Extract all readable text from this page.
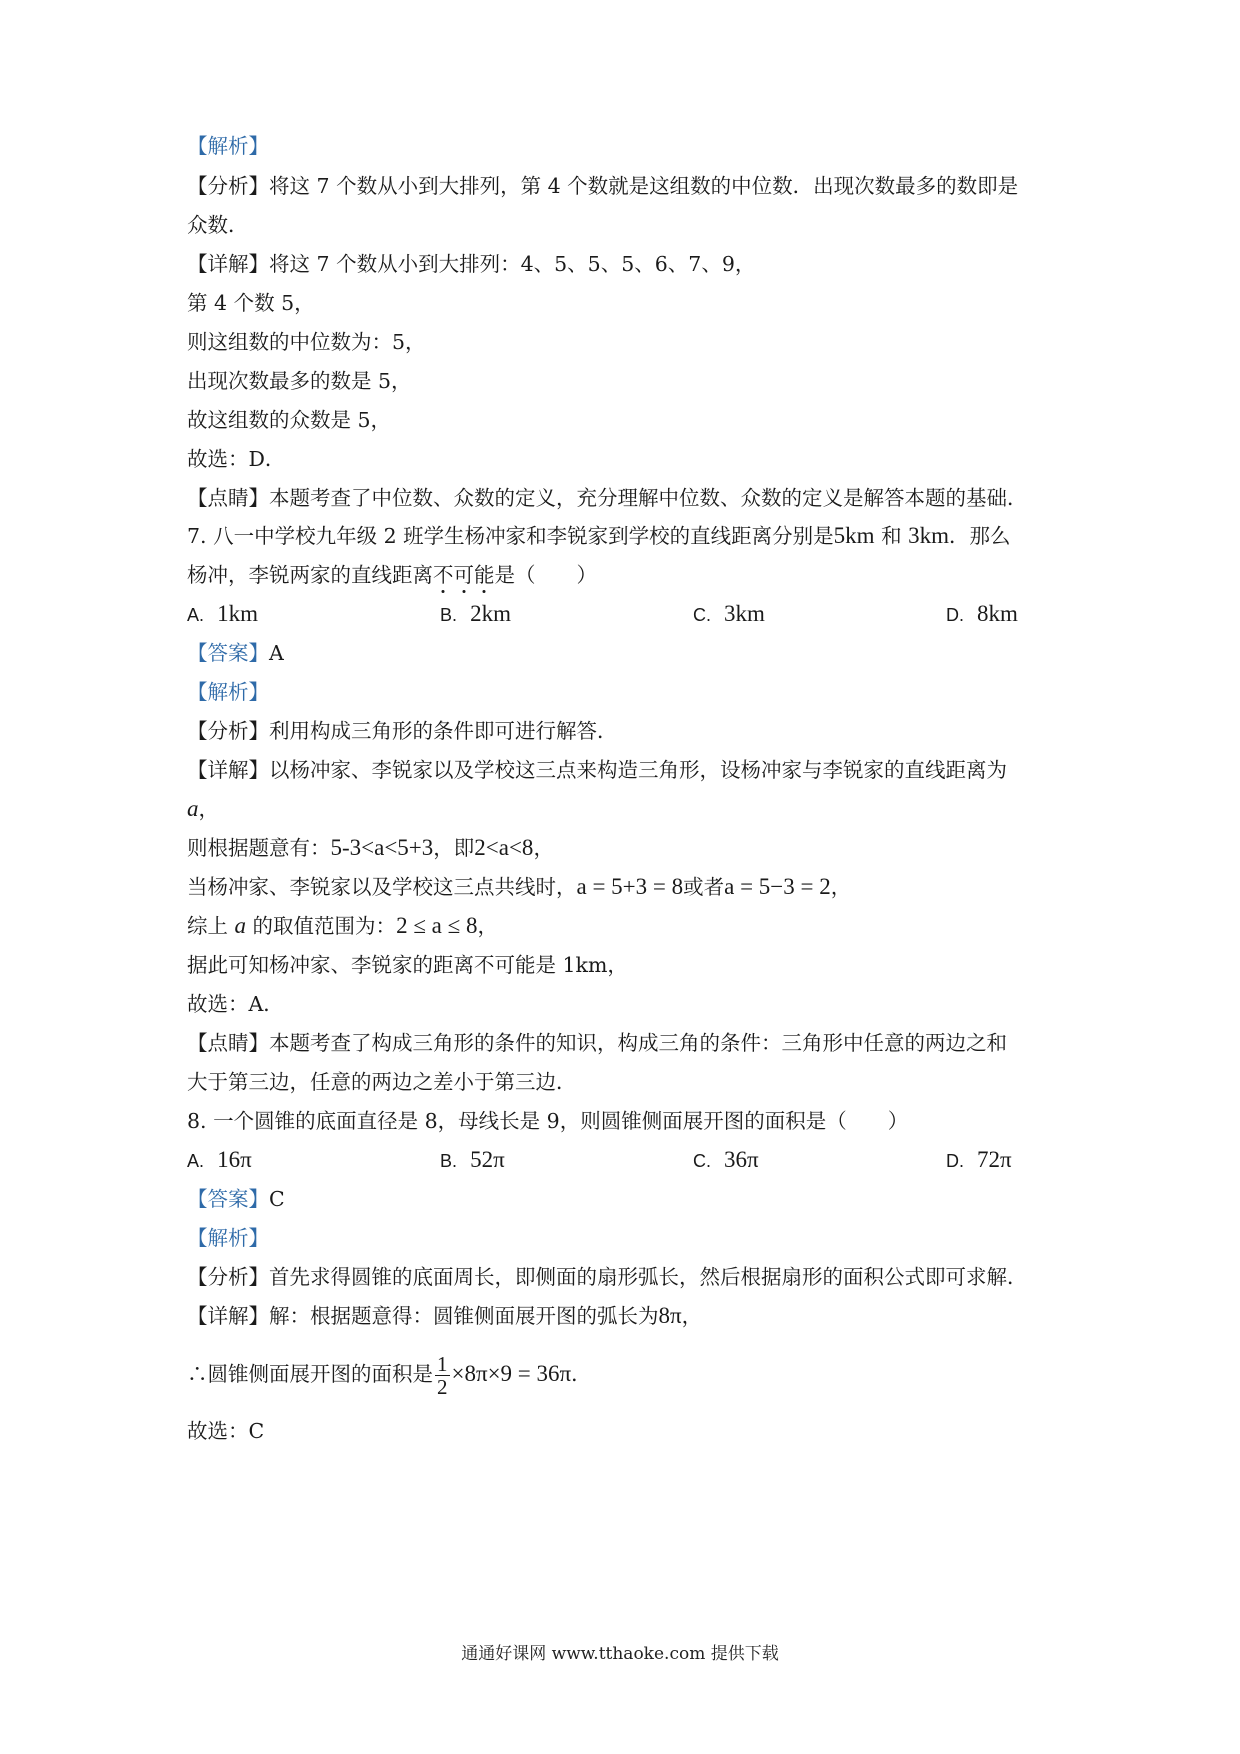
【解析】
【分析】将这 7 个数从小到大排列，第 4 个数就是这组数的中位数．出现次数最多的数即是
众数．
【详解】将这 7 个数从小到大排列：4、5、5、5、6、7、9，
第 4 个数 5，
则这组数的中位数为：5，
出现次数最多的数是 5，
故这组数的众数是 5，
故选：D．
【点睛】本题考查了中位数、众数的定义，充分理解中位数、众数的定义是解答本题的基础．
7. 八一中学校九年级 2 班学生杨冲家和李锐家到学校的直线距离分别是5km 和 3km．那么
杨冲，李锐两家的直线距离不可能是（　　）
A. 1km	B. 2km	C. 3km	D. 8km
【答案】A
【解析】
【分析】利用构成三角形的条件即可进行解答．
【详解】以杨冲家、李锐家以及学校这三点来构造三角形，设杨冲家与李锐家的直线距离为
a，
则根据题意有：5-3<a<5+3，即2<a<8，
当杨冲家、李锐家以及学校这三点共线时，a = 5+3 = 8或者a = 5−3 = 2，
综上 a 的取值范围为：2 ≤ a ≤ 8，
据此可知杨冲家、李锐家的距离不可能是 1km，
故选：A．
【点睛】本题考查了构成三角形的条件的知识，构成三角的条件：三角形中任意的两边之和
大于第三边，任意的两边之差小于第三边．
8. 一个圆锥的底面直径是 8，母线长是 9，则圆锥侧面展开图的面积是（　　）
A. 16π	B. 52π	C. 36π	D. 72π
【答案】C
【解析】
【分析】首先求得圆锥的底面周长，即侧面的扇形弧长，然后根据扇形的面积公式即可求解．
【详解】解：根据题意得：圆锥侧面展开图的弧长为8π，
∴圆锥侧面展开图的面积是 $\frac{1}{2} \times 8\pi\times 9 = 36\pi$．
故选：C
通通好课网 www.tthaoke.com 提供下载
